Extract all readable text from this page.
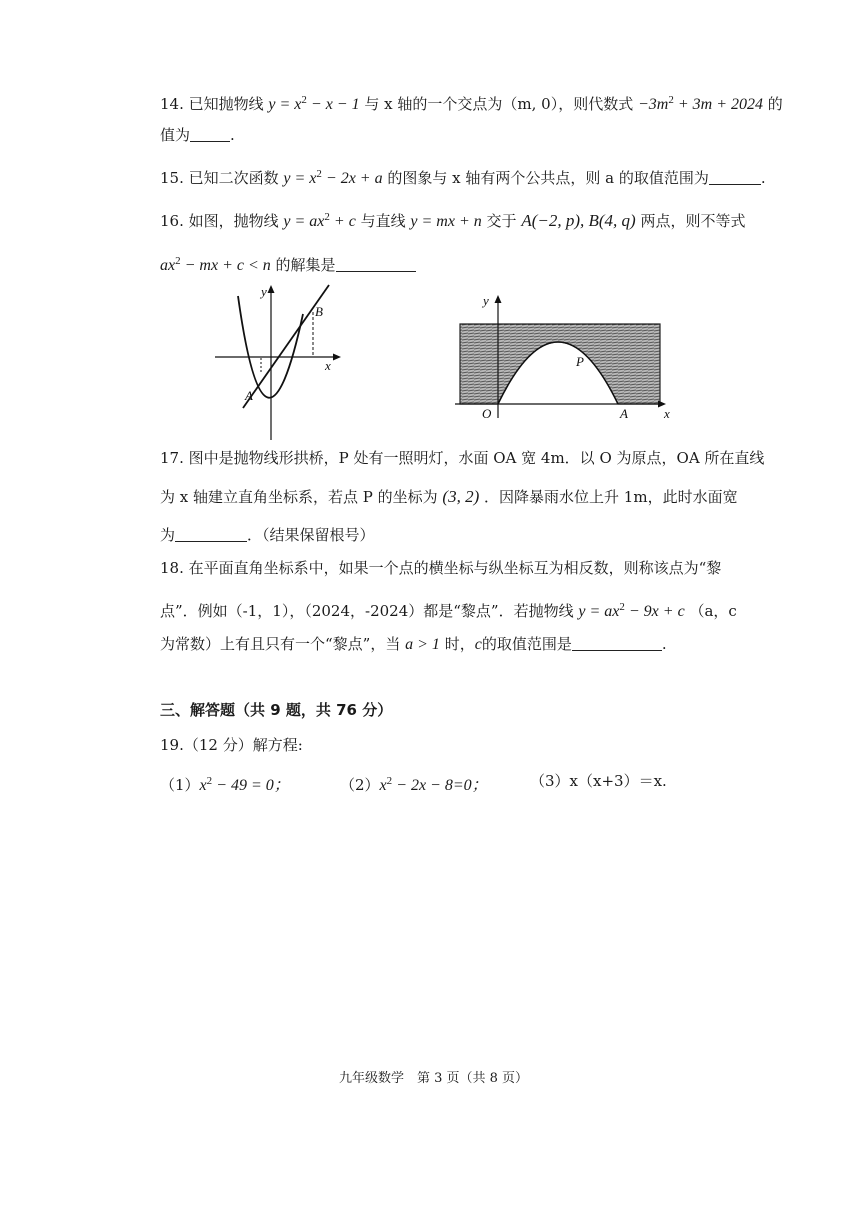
14. 已知抛物线 $y = x^2 - x - 1$ 与 x 轴的一个交点为（m, 0），则代数式 $-3m^2 + 3m + 2024$ 的
值为	.
15. 已知二次函数 $y = x^2 - 2x + a$ 的图象与 x 轴有两个公共点，则 a 的取值范围为	.
16. 如图，抛物线 $y = ax^2 + c$ 与直线 y = mx + n 交于 A(−2, p), B(4, q) 两点，则不等式
$ax^2$ − mx + c < n 的解集是
y
x
A
B
y
x
O	A
P
17. 图中是抛物线形拱桥，P 处有一照明灯，水面 OA 宽 4m．以 O 为原点，OA 所在直线
为 x 轴建立直角坐标系，若点 P 的坐标为 (3, 2) ．因降暴雨水位上升 1m，此时水面宽
为	．（结果保留根号）
18. 在平面直角坐标系中，如果一个点的横坐标与纵坐标互为相反数，则称该点为“黎
点”．例如（-1，1），（2024，-2024）都是“黎点”．若抛物线 $y = ax^2 - 9x + c$ （a，c
为常数）上有且只有一个“黎点”，当 a > 1 时，c的取值范围是	.
三、解答题（共 9 题，共 76 分）
19.（12 分）解方程:
$(1)x^2 - 49 = 0$；	$(2)x^2 - 2x - 8=0$；	（3）x（x+3）＝x.
九年级数学　第 3 页（共 8 页）
